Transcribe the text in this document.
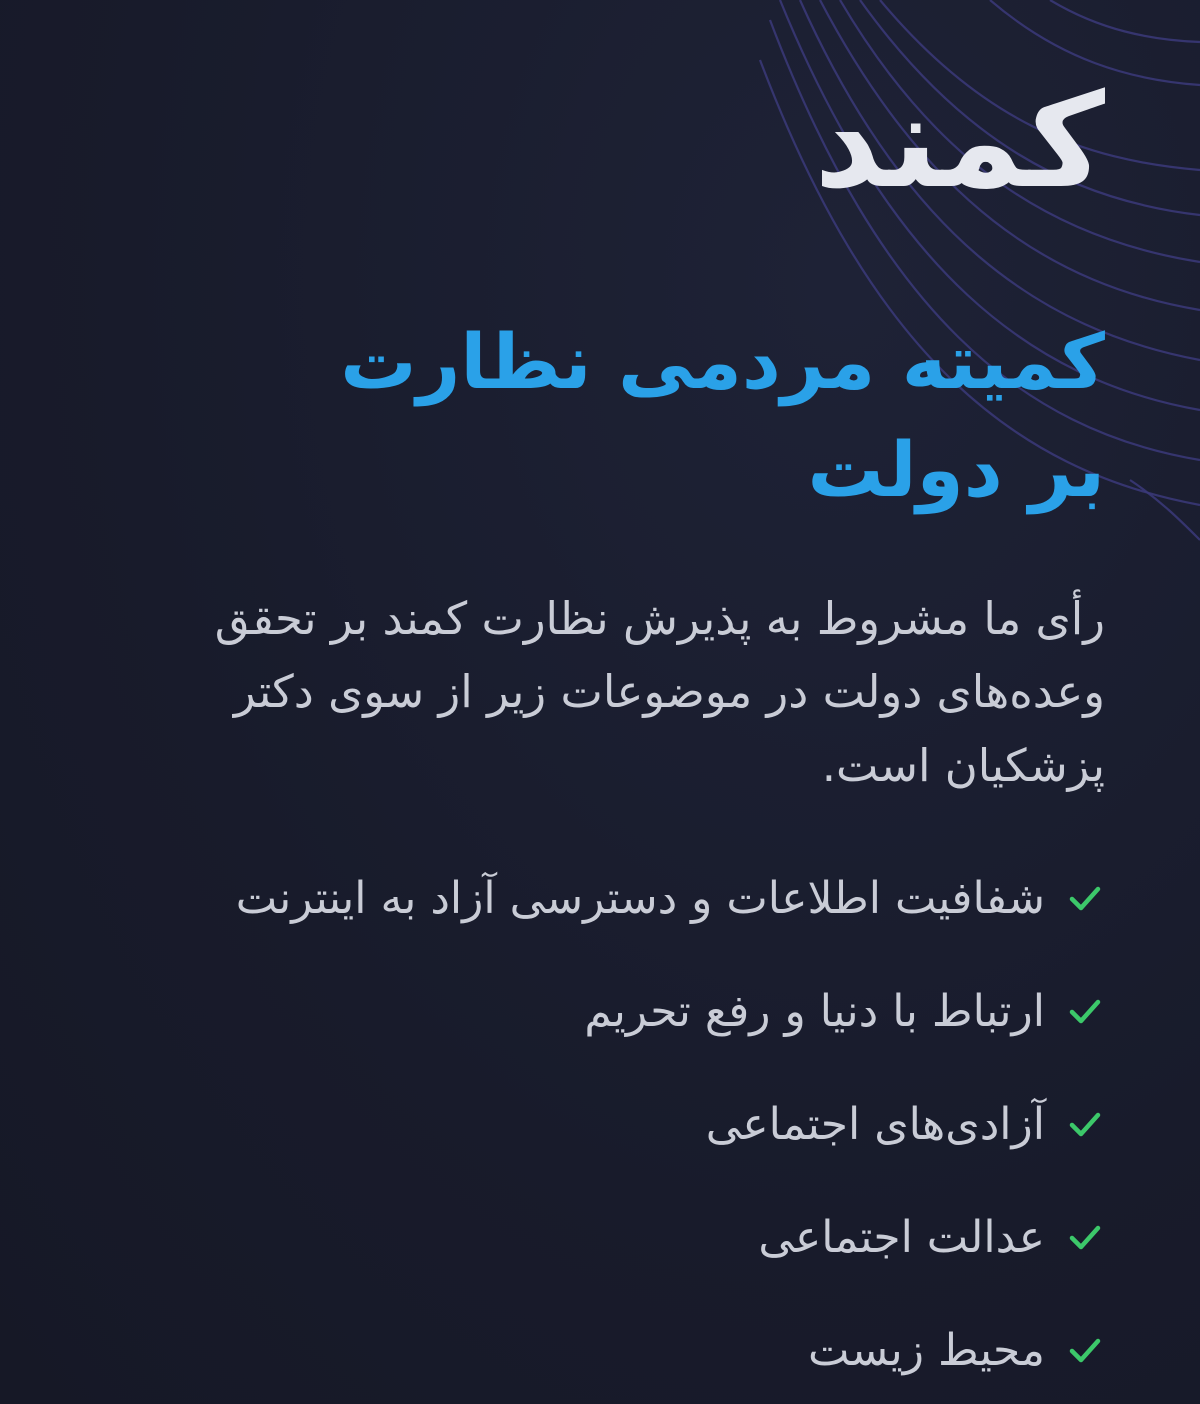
کمند
کمیته مردمی نظارت بر دولت
رأی ما مشروط به پذیرش نظارت کمند بر تحقق وعده‌های دولت در موضوعات زیر از سوی دکتر پزشکیان است.
شفافیت اطلاعات و دسترسی آزاد به اینترنت
ارتباط با دنیا و رفع تحریم
آزادی‌های اجتماعی
عدالت اجتماعی
محیط زیست
